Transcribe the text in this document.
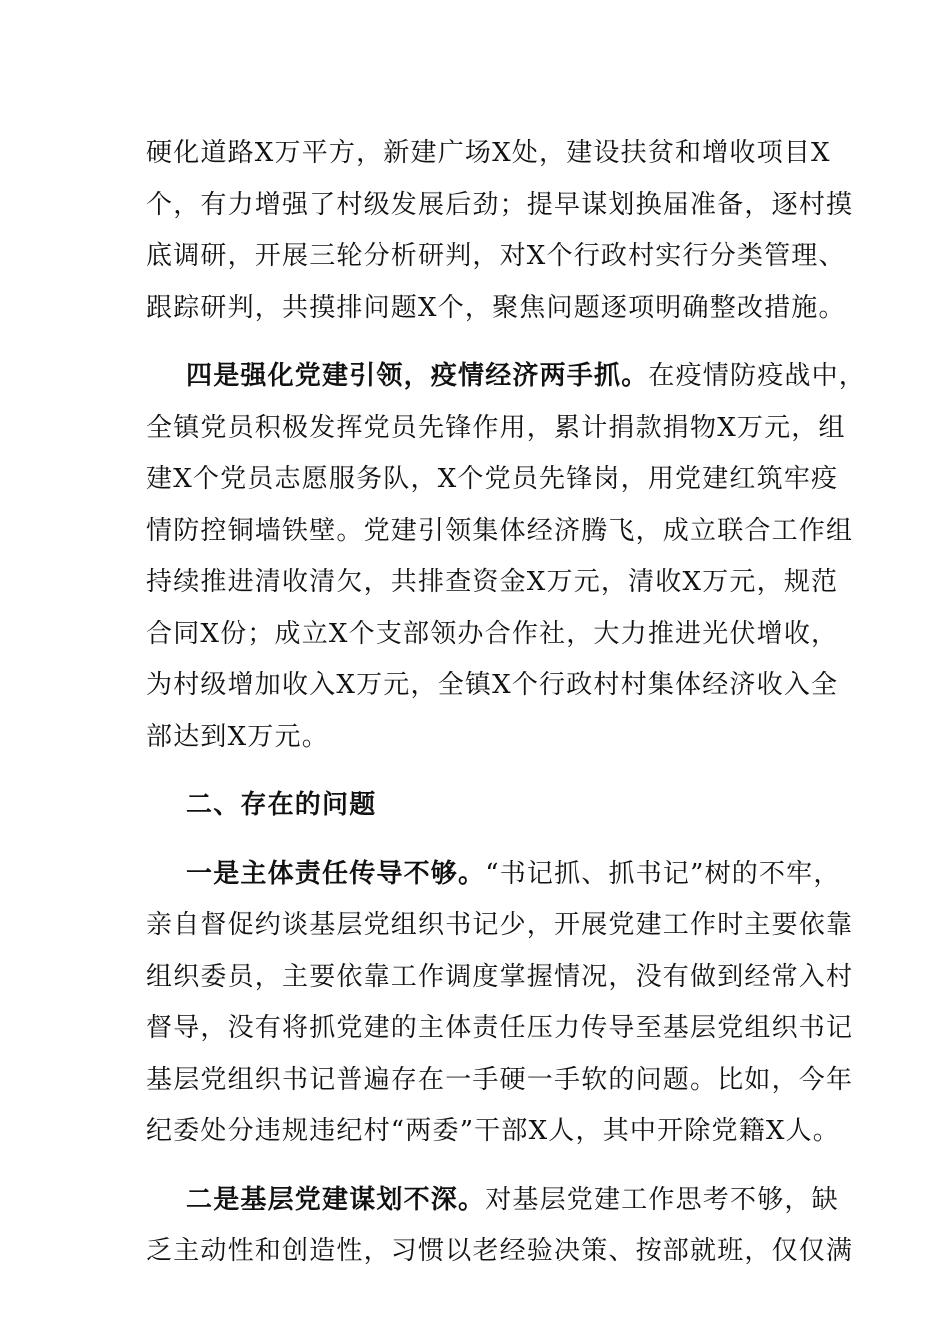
硬化道路X万平方，新建广场X处，建设扶贫和增收项目X
个，有力增强了村级发展后劲；提早谋划换届准备，逐村摸
底调研，开展三轮分析研判，对X个行政村实行分类管理、
跟踪研判，共摸排问题X个，聚焦问题逐项明确整改措施。
四是强化党建引领，疫情经济两手抓。在疫情防疫战中，
全镇党员积极发挥党员先锋作用，累计捐款捐物X万元，组
建X个党员志愿服务队，X个党员先锋岗，用党建红筑牢疫
情防控铜墙铁壁。党建引领集体经济腾飞，成立联合工作组
持续推进清收清欠，共排查资金X万元，清收X万元，规范
合同X份；成立X个支部领办合作社，大力推进光伏增收，
为村级增加收入X万元，全镇X个行政村村集体经济收入全
部达到X万元。
二、存在的问题
一是主体责任传导不够。“书记抓、抓书记”树的不牢，
亲自督促约谈基层党组织书记少，开展党建工作时主要依靠
组织委员，主要依靠工作调度掌握情况，没有做到经常入村
督导，没有将抓党建的主体责任压力传导至基层党组织书记
基层党组织书记普遍存在一手硬一手软的问题。比如，今年
纪委处分违规违纪村“两委”干部X人，其中开除党籍X人。
二是基层党建谋划不深。对基层党建工作思考不够，缺
乏主动性和创造性，习惯以老经验决策、按部就班，仅仅满
